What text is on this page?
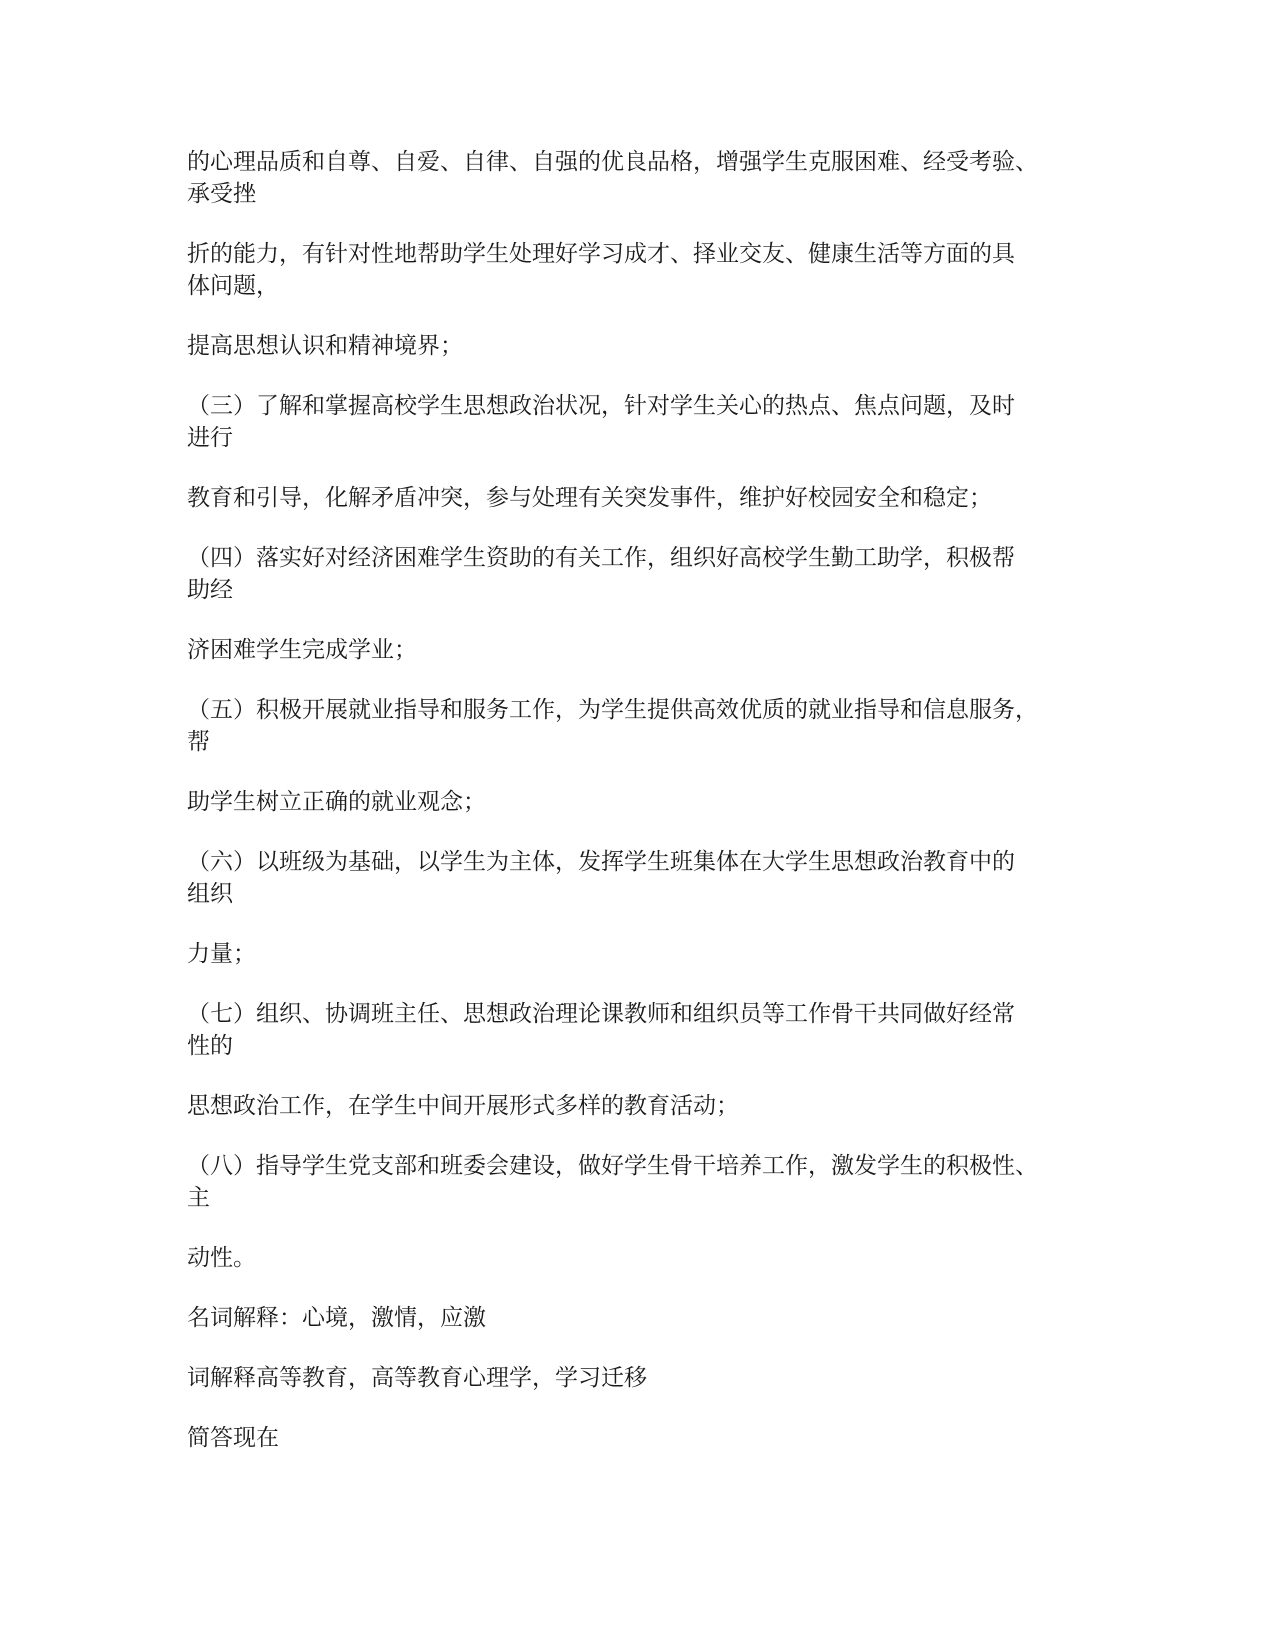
的心理品质和自尊、自爱、自律、自强的优良品格，增强学生克服困难、经受考验、
承受挫

折的能力，有针对性地帮助学生处理好学习成才、择业交友、健康生活等方面的具
体问题，

提高思想认识和精神境界；

（三）了解和掌握高校学生思想政治状况，针对学生关心的热点、焦点问题，及时
进行

教育和引导，化解矛盾冲突，参与处理有关突发事件，维护好校园安全和稳定；

（四）落实好对经济困难学生资助的有关工作，组织好高校学生勤工助学，积极帮
助经

济困难学生完成学业；

（五）积极开展就业指导和服务工作，为学生提供高效优质的就业指导和信息服务，
帮

助学生树立正确的就业观念；

（六）以班级为基础，以学生为主体，发挥学生班集体在大学生思想政治教育中的
组织

力量；

（七）组织、协调班主任、思想政治理论课教师和组织员等工作骨干共同做好经常
性的

思想政治工作，在学生中间开展形式多样的教育活动；

（八）指导学生党支部和班委会建设，做好学生骨干培养工作，激发学生的积极性、
主

动性。

名词解释：心境，激情，应激

词解释高等教育，高等教育心理学，学习迁移

简答现在
